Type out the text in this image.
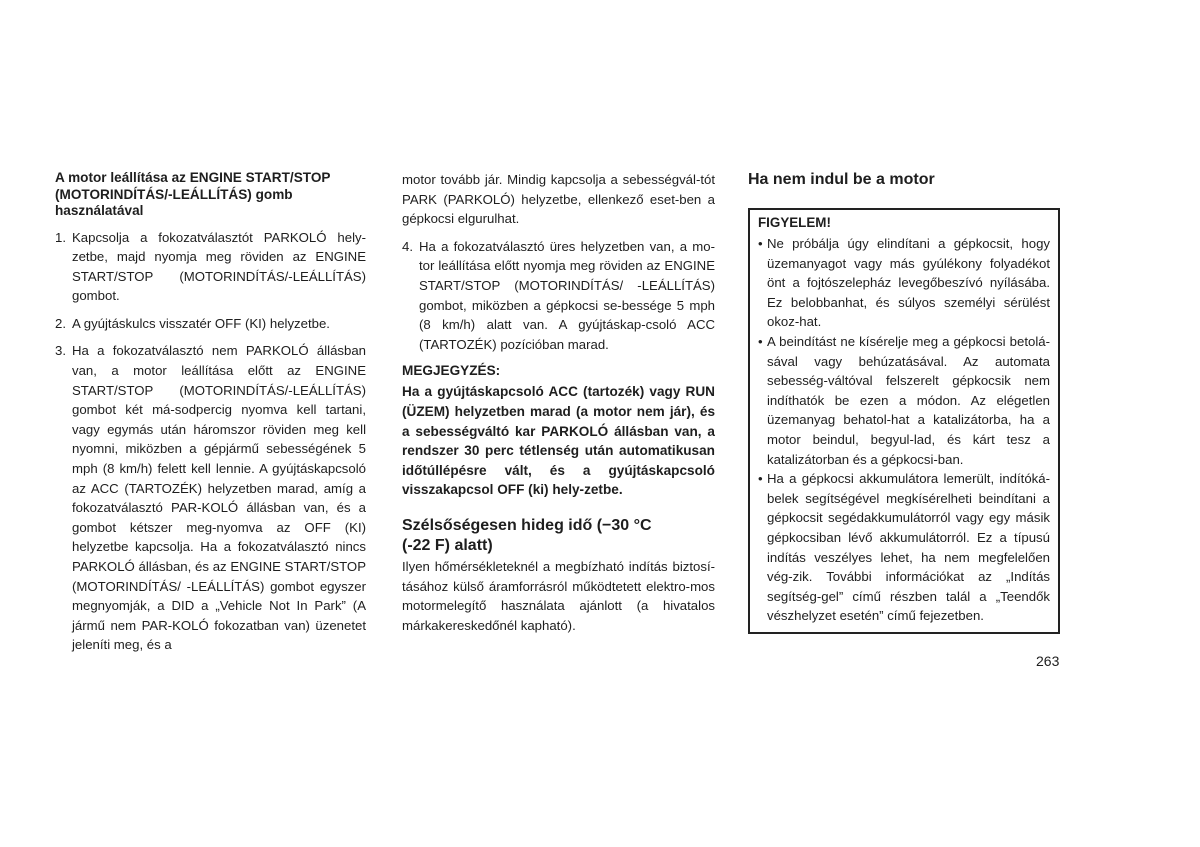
A motor leállítása az ENGINE START/STOP
(MOTORINDÍTÁS/-LEÁLLÍTÁS) gomb
használatával
1. Kapcsolja a fokozatválasztót PARKOLÓ hely-zetbe, majd nyomja meg röviden az ENGINE START/STOP (MOTORINDÍTÁS/-LEÁLLÍTÁS) gombot.

2. A gyújtáskulcs visszatér OFF (KI) helyzetbe.

3. Ha a fokozatválasztó nem PARKOLÓ állásban van, a motor leállítása előtt az ENGINE START/STOP (MOTORINDÍTÁS/-LEÁLLÍTÁS) gombot két má-sodpercig nyomva kell tartani, vagy egymás után háromszor röviden meg kell nyomni, miközben a gépjármű sebességének 5 mph (8 km/h) felett kell lennie. A gyújtáskapcsoló az ACC (TARTOZÉK) helyzetben marad, amíg a fokozatválasztó PAR-KOLÓ állásban van, és a gombot kétszer meg-nyomva az OFF (KI) helyzetbe kapcsolja. Ha a fokozatválasztó nincs PARKOLÓ állásban, és az ENGINE START/STOP (MOTORINDÍTÁS/ -LEÁLLÍTÁS) gombot egyszer megnyomják, a DID a „Vehicle Not In Park” (A jármű nem PAR-KOLÓ fokozatban van) üzenetet jeleníti meg, és a

motor tovább jár. Mindig kapcsolja a sebességvál-tót PARK (PARKOLÓ) helyzetbe, ellenkező eset-ben a gépkocsi elgurulhat.

4. Ha a fokozatválasztó üres helyzetben van, a mo-tor leállítása előtt nyomja meg röviden az ENGINE START/STOP (MOTORINDÍTÁS/ -LEÁLLÍTÁS) gombot, miközben a gépkocsi se-bessége 5 mph (8 km/h) alatt van. A gyújtáskap-csoló ACC (TARTOZÉK) pozícióban marad.

MEGJEGYZÉS:

Ha a gyújtáskapcsoló ACC (tartozék) vagy RUN (ÜZEM) helyzetben marad (a motor nem jár), és a sebességváltó kar PARKOLÓ állásban van, a rendszer 30 perc tétlenség után automatikusan időtúllépésre vált, és a gyújtáskapcsoló visszakapcsol OFF (ki) hely-zetbe.

Szélsőségesen hideg idő (−30 °C
(-22 F) alatt)

Ilyen hőmérsékleteknél a megbízható indítás biztosí-tásához külső áramforrásról működtetett elektro-mos motormelegítő használata ajánlott (a hivatalos márkakereskedőnél kapható).

Ha nem indul be a motor
FIGYELEM!
• Ne próbálja úgy elindítani a gépkocsit, hogy üzemanyagot vagy más gyúlékony folyadékot önt a fojtószelepház levegőbeszívó nyílásába. Ez belobbanhat, és súlyos személyi sérülést okoz-hat.

• A beindítást ne kísérelje meg a gépkocsi betolá-sával vagy behúzatásával. Az automata sebesség-váltóval felszerelt gépkocsik nem indíthatók be ezen a módon. Az elégetlen üzemanyag behatol-hat a katalizátorba, ha a motor beindul, begyul-lad, és kárt tesz a katalizátorban és a gépkocsi-ban.

• Ha a gépkocsi akkumulátora lemerült, indítóká-belek segítségével megkísérelheti beindítani a gépkocsit segédakkumulátorról vagy egy másik gépkocsiban lévő akkumulátorról. Ez a típusú indítás veszélyes lehet, ha nem megfelelően vég-zik. További információkat az „Indítás segítség-gel” című részben talál a „Teendők vészhelyzet esetén” című fejezetben.

263
